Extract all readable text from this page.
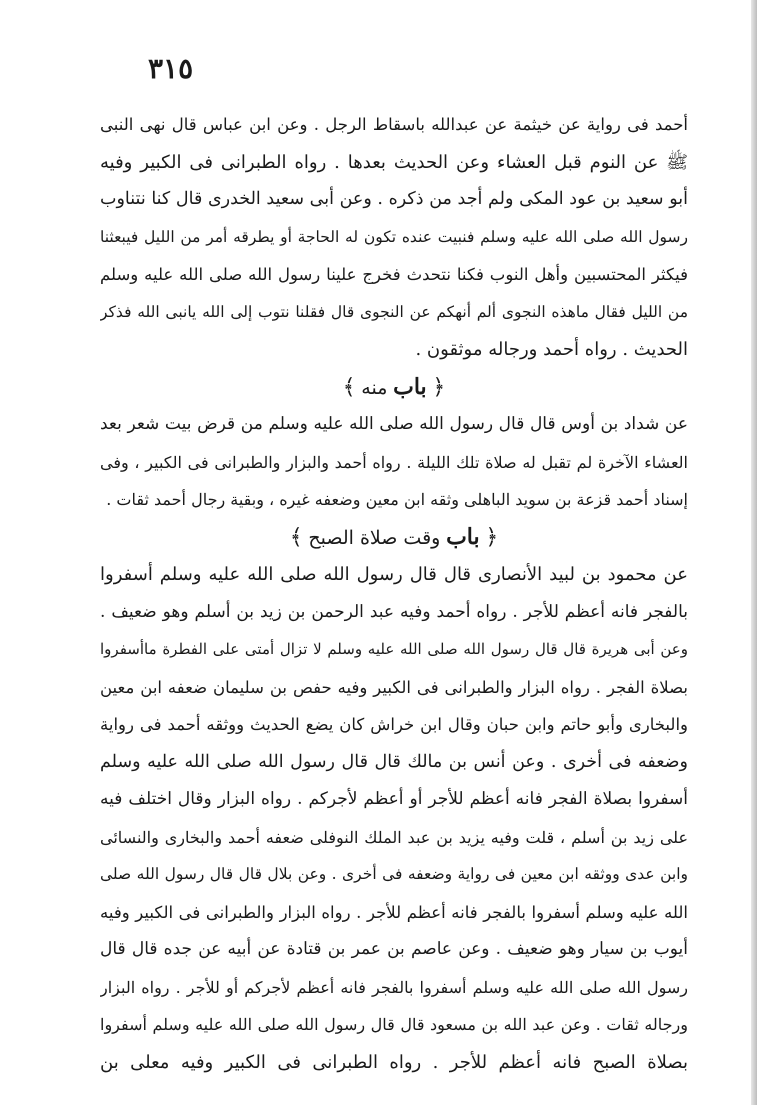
٣١٥
أحمد فى رواية عن خيثمة عن عبدالله باسقاط الرجل . وعن ابن عباس قال نهى النبى
ﷺ عن النوم قبل العشاء وعن الحديث بعدها . رواه الطبرانى فى الكبير وفيه
أبو سعيد بن عود المكى ولم أجد من ذكره . وعن أبى سعيد الخدرى قال كنا نتناوب
رسول الله صلى الله عليه وسلم فنبيت عنده تكون له الحاجة أو يطرقه أمر من الليل فيبعثنا
فيكثر المحتسبين وأهل النوب فكنا نتحدث فخرج علينا رسول الله صلى الله عليه وسلم
من الليل فقال ماهذه النجوى ألم أنهكم عن النجوى قال فقلنا نتوب إلى الله يانبى الله فذكر
الحديث . رواه أحمد ورجاله موثقون .
﴿ باب منه ﴾
عن شداد بن أوس قال قال رسول الله صلى الله عليه وسلم من قرض بيت شعر بعد
العشاء الآخرة لم تقبل له صلاة تلك الليلة . رواه أحمد والبزار والطبرانى فى الكبير ، وفى
إسناد أحمد قزعة بن سويد الباهلى وثقه ابن معين وضعفه غيره ، وبقية رجال أحمد ثقات .
﴿ باب وقت صلاة الصبح ﴾
عن محمود بن لبيد الأنصارى قال قال رسول الله صلى الله عليه وسلم أسفروا
بالفجر فانه أعظم للأجر . رواه أحمد وفيه عبد الرحمن بن زيد بن أسلم وهو ضعيف .
وعن أبى هريرة قال قال رسول الله صلى الله عليه وسلم لا تزال أمتى على الفطرة ماأسفروا
بصلاة الفجر . رواه البزار والطبرانى فى الكبير وفيه حفص بن سليمان ضعفه ابن معين
والبخارى وأبو حاتم وابن حبان وقال ابن خراش كان يضع الحديث ووثقه أحمد فى رواية
وضعفه فى أخرى . وعن أنس بن مالك قال قال رسول الله صلى الله عليه وسلم
أسفروا بصلاة الفجر فانه أعظم للأجر أو أعظم لأجركم . رواه البزار وقال اختلف فيه
على زيد بن أسلم ، قلت وفيه يزيد بن عبد الملك النوفلى ضعفه أحمد والبخارى والنسائى
وابن عدى ووثقه ابن معين فى رواية وضعفه فى أخرى . وعن بلال قال قال رسول الله صلى
الله عليه وسلم أسفروا بالفجر فانه أعظم للأجر . رواه البزار والطبرانى فى الكبير وفيه
أيوب بن سيار وهو ضعيف . وعن عاصم بن عمر بن قتادة عن أبيه عن جده قال قال
رسول الله صلى الله عليه وسلم أسفروا بالفجر فانه أعظم لأجركم أو للأجر . رواه البزار
ورجاله ثقات . وعن عبد الله بن مسعود قال قال رسول الله صلى الله عليه وسلم أسفروا
بصلاة الصبح فانه أعظم للأجر . رواه الطبرانى فى الكبير وفيه معلى بن
